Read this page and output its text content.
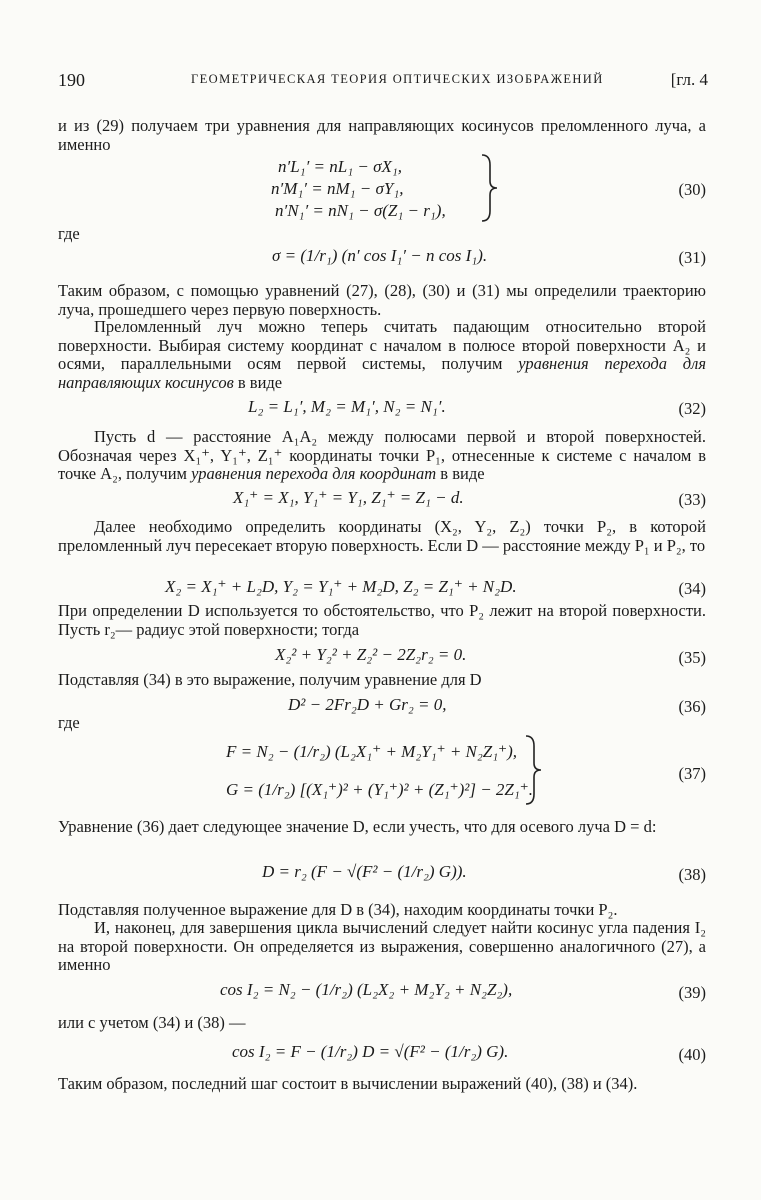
190	ГЕОМЕТРИЧЕСКАЯ ТЕОРИЯ ОПТИЧЕСКИХ ИЗОБРАЖЕНИЙ	[гл. 4
и из (29) получаем три уравнения для направляющих косинусов преломленного луча, а именно
n′L₁′ = nL₁ − σX₁,
n′M₁′ = nM₁ − σY₁,
n′N₁′ = nN₁ − σ(Z₁ − r₁),
(30)
где
σ = (1/r₁) (n′ cos I₁′ − n cos I₁).	(31)
Таким образом, с помощью уравнений (27), (28), (30) и (31) мы определили траекторию луча, прошедшего через первую поверхность.
Преломленный луч можно теперь считать падающим относительно второй поверхности. Выбирая систему координат с началом в полюсе второй поверхности A₂ и осями, параллельными осям первой системы, получим уравнения перехода для направляющих косинусов в виде
L₂ = L₁′, M₂ = M₁′, N₂ = N₁′.	(32)
Пусть d — расстояние A₁A₂ между полюсами первой и второй поверхностей. Обозначая через X₁⁺, Y₁⁺, Z₁⁺ координаты точки P₁, отнесенные к системе с началом в точке A₂, получим уравнения перехода для координат в виде
X₁⁺ = X₁, Y₁⁺ = Y₁, Z₁⁺ = Z₁ − d.	(33)
Далее необходимо определить координаты (X₂, Y₂, Z₂) точки P₂, в которой преломленный луч пересекает вторую поверхность. Если D — расстояние между P₁ и P₂, то
X₂ = X₁⁺ + L₂D, Y₂ = Y₁⁺ + M₂D, Z₂ = Z₁⁺ + N₂D.	(34)
При определении D используется то обстоятельство, что P₂ лежит на второй поверхности. Пусть r₂— радиус этой поверхности; тогда
X₂² + Y₂² + Z₂² − 2Z₂r₂ = 0.	(35)
Подставляя (34) в это выражение, получим уравнение для D
D² − 2Fr₂D + Gr₂ = 0,	(36)
где
F = N₂ − (1/r₂) (L₂X₁⁺ + M₂Y₁⁺ + N₂Z₁⁺),
G = (1/r₂) [(X₁⁺)² + (Y₁⁺)² + (Z₁⁺)²] − 2Z₁⁺.
(37)
Уравнение (36) дает следующее значение D, если учесть, что для осевого луча D = d:
D = r₂ (F − √(F² − (1/r₂) G)).	(38)
Подставляя полученное выражение для D в (34), находим координаты точки P₂.
И, наконец, для завершения цикла вычислений следует найти косинус угла падения I₂ на второй поверхности. Он определяется из выражения, совершенно аналогичного (27), а именно
cos I₂ = N₂ − (1/r₂) (L₂X₂ + M₂Y₂ + N₂Z₂),	(39)
или с учетом (34) и (38) —
cos I₂ = F − (1/r₂) D = √(F² − (1/r₂) G).	(40)
Таким образом, последний шаг состоит в вычислении выражений (40), (38) и (34).
